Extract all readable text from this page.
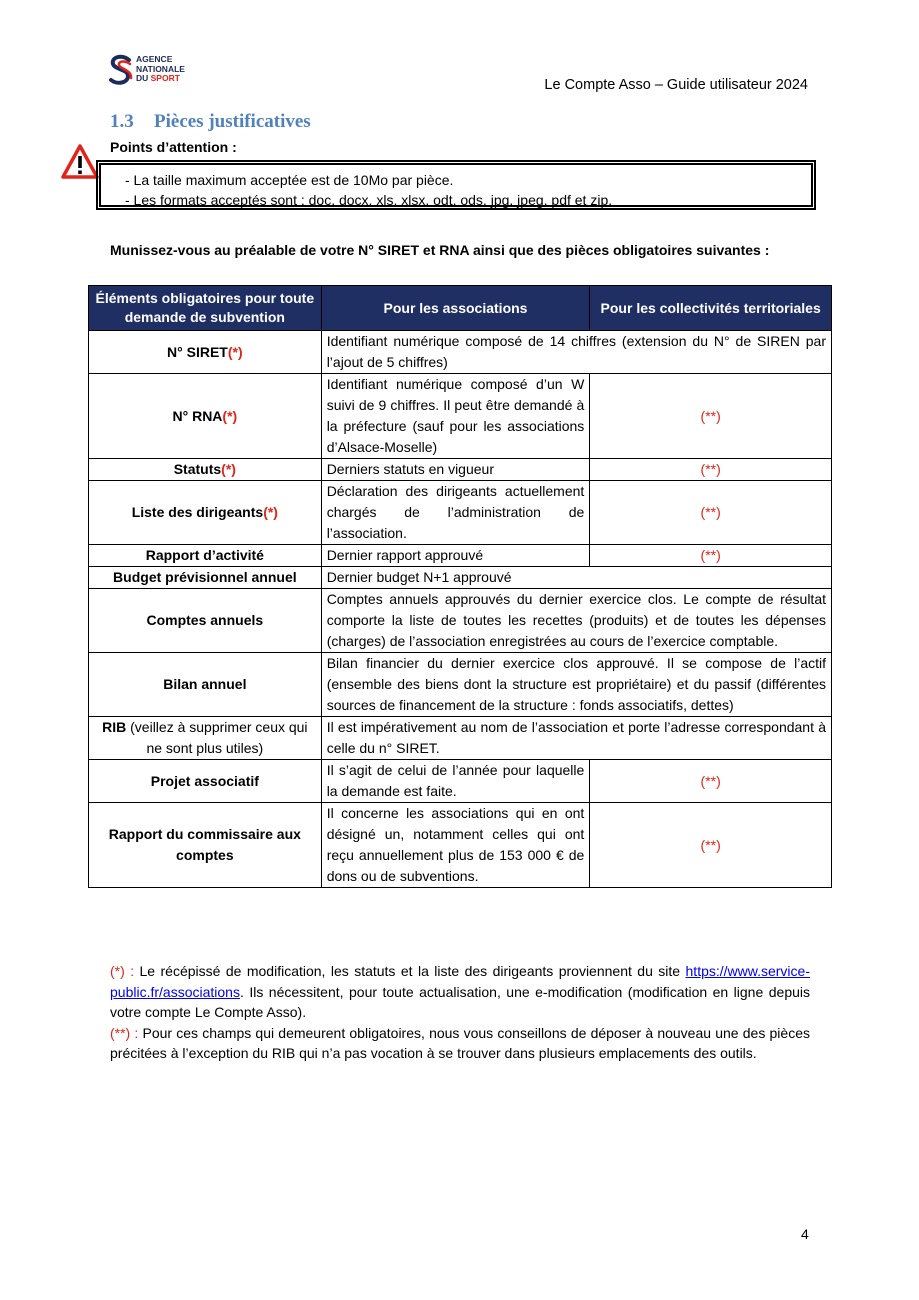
AGENCE
NATIONALE
DU SPORT	Le Compte Asso – Guide utilisateur 2024
1.3 Pièces justificatives
Points d’attention :
- La taille maximum acceptée est de 10Mo par pièce.
- Les formats acceptés sont : doc, docx, xls, xlsx, odt, ods, jpg, jpeg, pdf et zip.
Munissez-vous au préalable de votre N° SIRET et RNA ainsi que des pièces obligatoires suivantes :
Éléments obligatoires pour toute demande de subvention	Pour les associations	Pour les collectivités territoriales
N° SIRET(*)	Identifiant numérique composé de 14 chiffres (extension du N° de SIREN par l’ajout de 5 chiffres)	
N° RNA(*)	Identifiant numérique composé d’un W suivi de 9 chiffres. Il peut être demandé à la préfecture (sauf pour les associations d’Alsace-Moselle)	(**)
Statuts(*)	Derniers statuts en vigueur	(**)
Liste des dirigeants(*)	Déclaration des dirigeants actuellement chargés de l’administration de l’association.	(**)
Rapport d’activité	Dernier rapport approuvé	(**)
Budget prévisionnel annuel	Dernier budget N+1 approuvé	
Comptes annuels	Comptes annuels approuvés du dernier exercice clos. Le compte de résultat comporte la liste de toutes les recettes (produits) et de toutes les dépenses (charges) de l’association enregistrées au cours de l’exercice comptable.	
Bilan annuel	Bilan financier du dernier exercice clos approuvé. Il se compose de l’actif (ensemble des biens dont la structure est propriétaire) et du passif (différentes sources de financement de la structure : fonds associatifs, dettes)	
RIB (veillez à supprimer ceux qui ne sont plus utiles)	Il est impérativement au nom de l’association et porte l’adresse correspondant à celle du n° SIRET.	
Projet associatif	Il s’agit de celui de l’année pour laquelle la demande est faite.	(**)
Rapport du commissaire aux comptes	Il concerne les associations qui en ont désigné un, notamment celles qui ont reçu annuellement plus de 153 000 € de dons ou de subventions.	(**)
(*) : Le récépissé de modification, les statuts et la liste des dirigeants proviennent du site https://www.service-public.fr/associations. Ils nécessitent, pour toute actualisation, une e-modification (modification en ligne depuis votre compte Le Compte Asso).
(**) : Pour ces champs qui demeurent obligatoires, nous vous conseillons de déposer à nouveau une des pièces précitées à l’exception du RIB qui n’a pas vocation à se trouver dans plusieurs emplacements des outils.
4
